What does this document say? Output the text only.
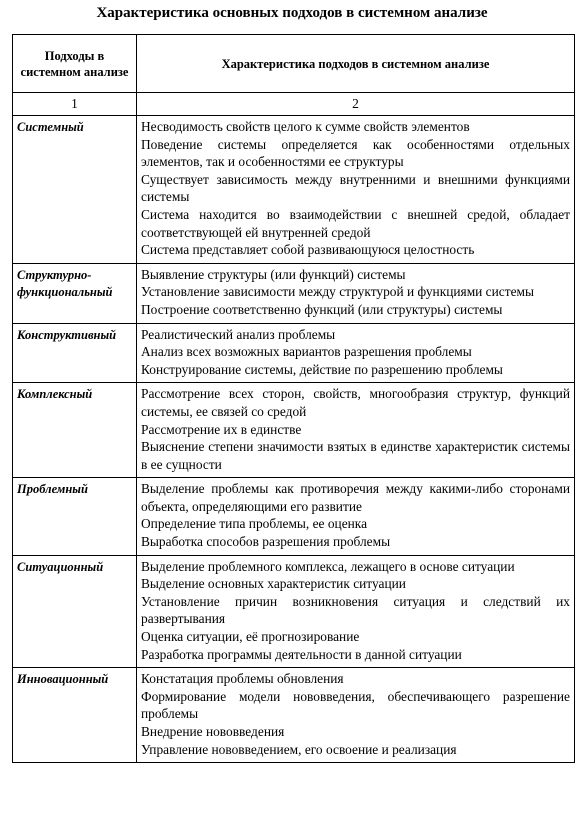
Характеристика основных подходов в системном анализе
Подходы в системном анализе	Характеристика подходов в системном анализе
1	2
Системный	Несводимость свойств целого к сумме свойств элементов
Поведение системы определяется как особенностями отдельных элементов, так и особенностями ее структуры
Существует зависимость между внутренними и внешними функциями системы
Система находится во взаимодействии с внешней средой, обладает соответствующей ей внутренней средой
Система представляет собой развивающуюся целостность

Структурно-функциональный	Выявление структуры (или функций) системы
Установление зависимости между структурой и функциями системы
Построение соответственно функций (или структуры) системы

Конструктивный	Реалистический анализ проблемы
Анализ всех возможных вариантов разрешения проблемы
Конструирование системы, действие по разрешению проблемы

Комплексный	Рассмотрение всех сторон, свойств, многообразия структур, функций системы, ее связей со средой
Рассмотрение их в единстве
Выяснение степени значимости взятых в единстве характеристик системы в ее сущности

Проблемный	Выделение проблемы как противоречия между какими-либо сторонами объекта, определяющими его развитие
Определение типа проблемы, ее оценка
Выработка способов разрешения проблемы

Ситуационный	Выделение проблемного комплекса, лежащего в основе ситуации
Выделение основных характеристик ситуации
Установление причин возникновения ситуация и следствий их развертывания
Оценка ситуации, её прогнозирование
Разработка программы деятельности в данной ситуации

Инновационный	Констатация проблемы обновления
Формирование модели нововведения, обеспечивающего разрешение проблемы
Внедрение нововведения
Управление нововведением, его освоение и реализация
